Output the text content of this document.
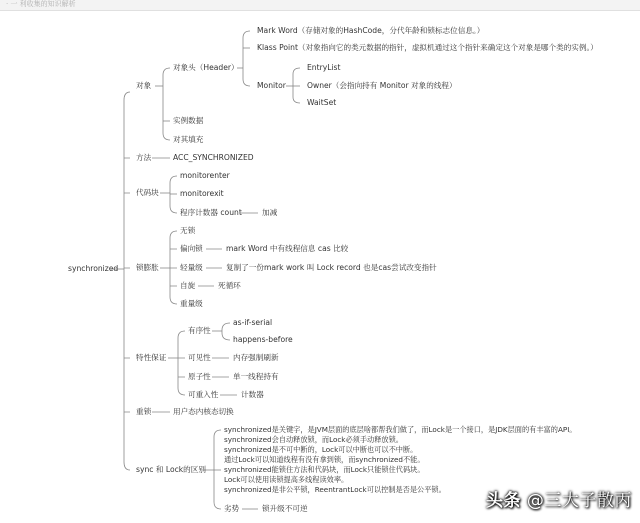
· 一 利收集的知识解析
synchronized
对象
对象头（Header）
Mark Word（存储对象的HashCode，分代年龄和锁标志位信息。）
Klass Point（对象指向它的类元数据的指针，虚拟机通过这个指针来确定这个对象是哪个类的实例。）
Monitor
EntryList
Owner（会指向持有 Monitor 对象的线程）
WaitSet
实例数据
对其填充
方法	ACC_SYNCHRONIZED
代码块
monitorenter
monitorexit
程序计数器 count	加减
锁膨胀
无锁
偏向锁	mark Word 中有线程信息 cas 比较
轻量级	复制了一份mark work 叫 Lock record 也是cas尝试改变指针
自旋	死循环
重量级
特性保证
有序性
as-if-serial
happens-before
可见性	内存强制刷新
原子性	单一线程持有
可重入性	计数器
重锁	用户态内核态切换
sync 和 Lock的区别
synchronized是关键字，是JVM层面的底层啥都帮我们做了，而Lock是一个接口，是JDK层面的有丰富的API。
synchronized会自动释放锁，而Lock必须手动释放锁。
synchronized是不可中断的，Lock可以中断也可以不中断。
通过Lock可以知道线程有没有拿到锁，而synchronized不能。
synchronized能锁住方法和代码块，而Lock只能锁住代码块。
Lock可以使用读锁提高多线程读效率。
synchronized是非公平锁，ReentrantLock可以控制是否是公平锁。
劣势	锁升级不可逆	头条 @三大子散丙
